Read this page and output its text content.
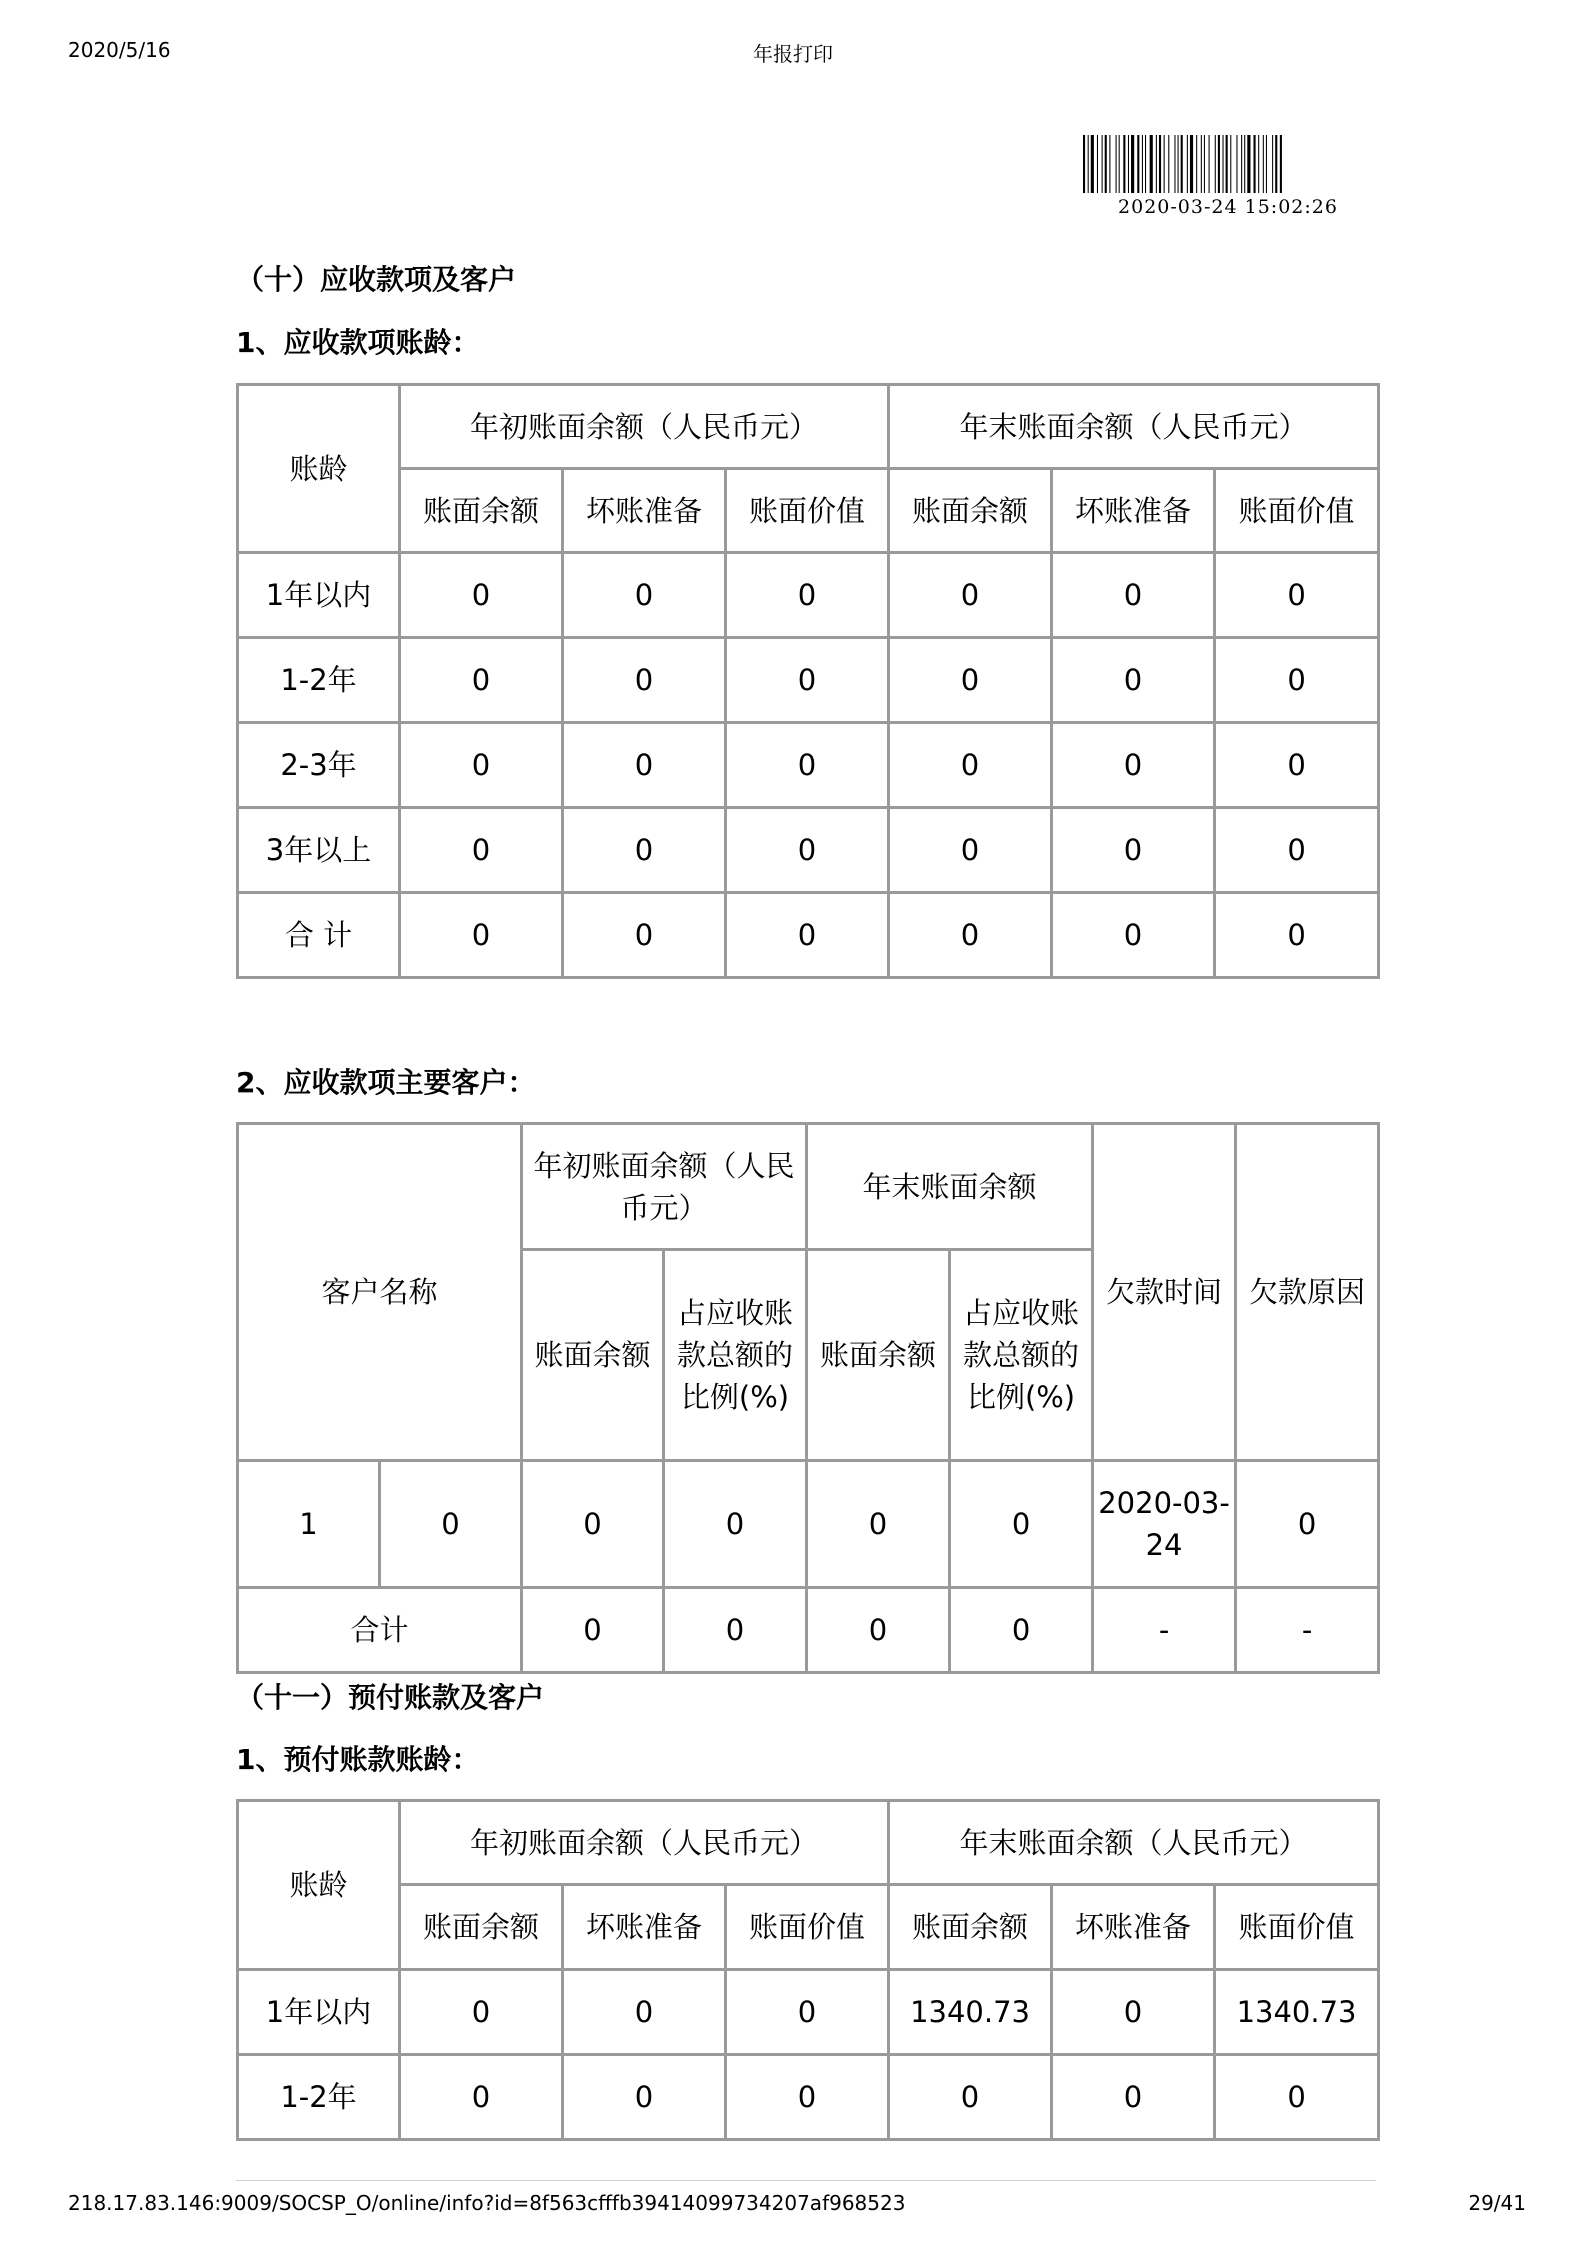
2020/5/16	年报打印
2020-03-24 15:02:26
（十）应收款项及客户
1、应收款项账龄：
账龄	年初账面余额（人民币元）			年末账面余额（人民币元）		
	账面余额	坏账准备	账面价值	账面余额	坏账准备	账面价值
1年以内	0	0	0	0	0	0
1-2年	0	0	0	0	0	0
2-3年	0	0	0	0	0	0
3年以上	0	0	0	0	0	0
合 计	0	0	0	0	0	0
2、应收款项主要客户：
客户名称		年初账面余额（人民币元）		年末账面余额		欠款时间	欠款原因
		账面余额	占应收账款总额的比例(%)	账面余额	占应收账款总额的比例(%)		
1	0	0	0	0	0	2020-03-24	0
合计		0	0	0	0	-	-
（十一）预付账款及客户
1、预付账款账龄：
账龄	年初账面余额（人民币元）			年末账面余额（人民币元）		
	账面余额	坏账准备	账面价值	账面余额	坏账准备	账面价值
1年以内	0	0	0	1340.73	0	1340.73
1-2年	0	0	0	0	0	0
218.17.83.146:9009/SOCSP_O/online/info?id=8f563cfffb39414099734207af968523	29/41
